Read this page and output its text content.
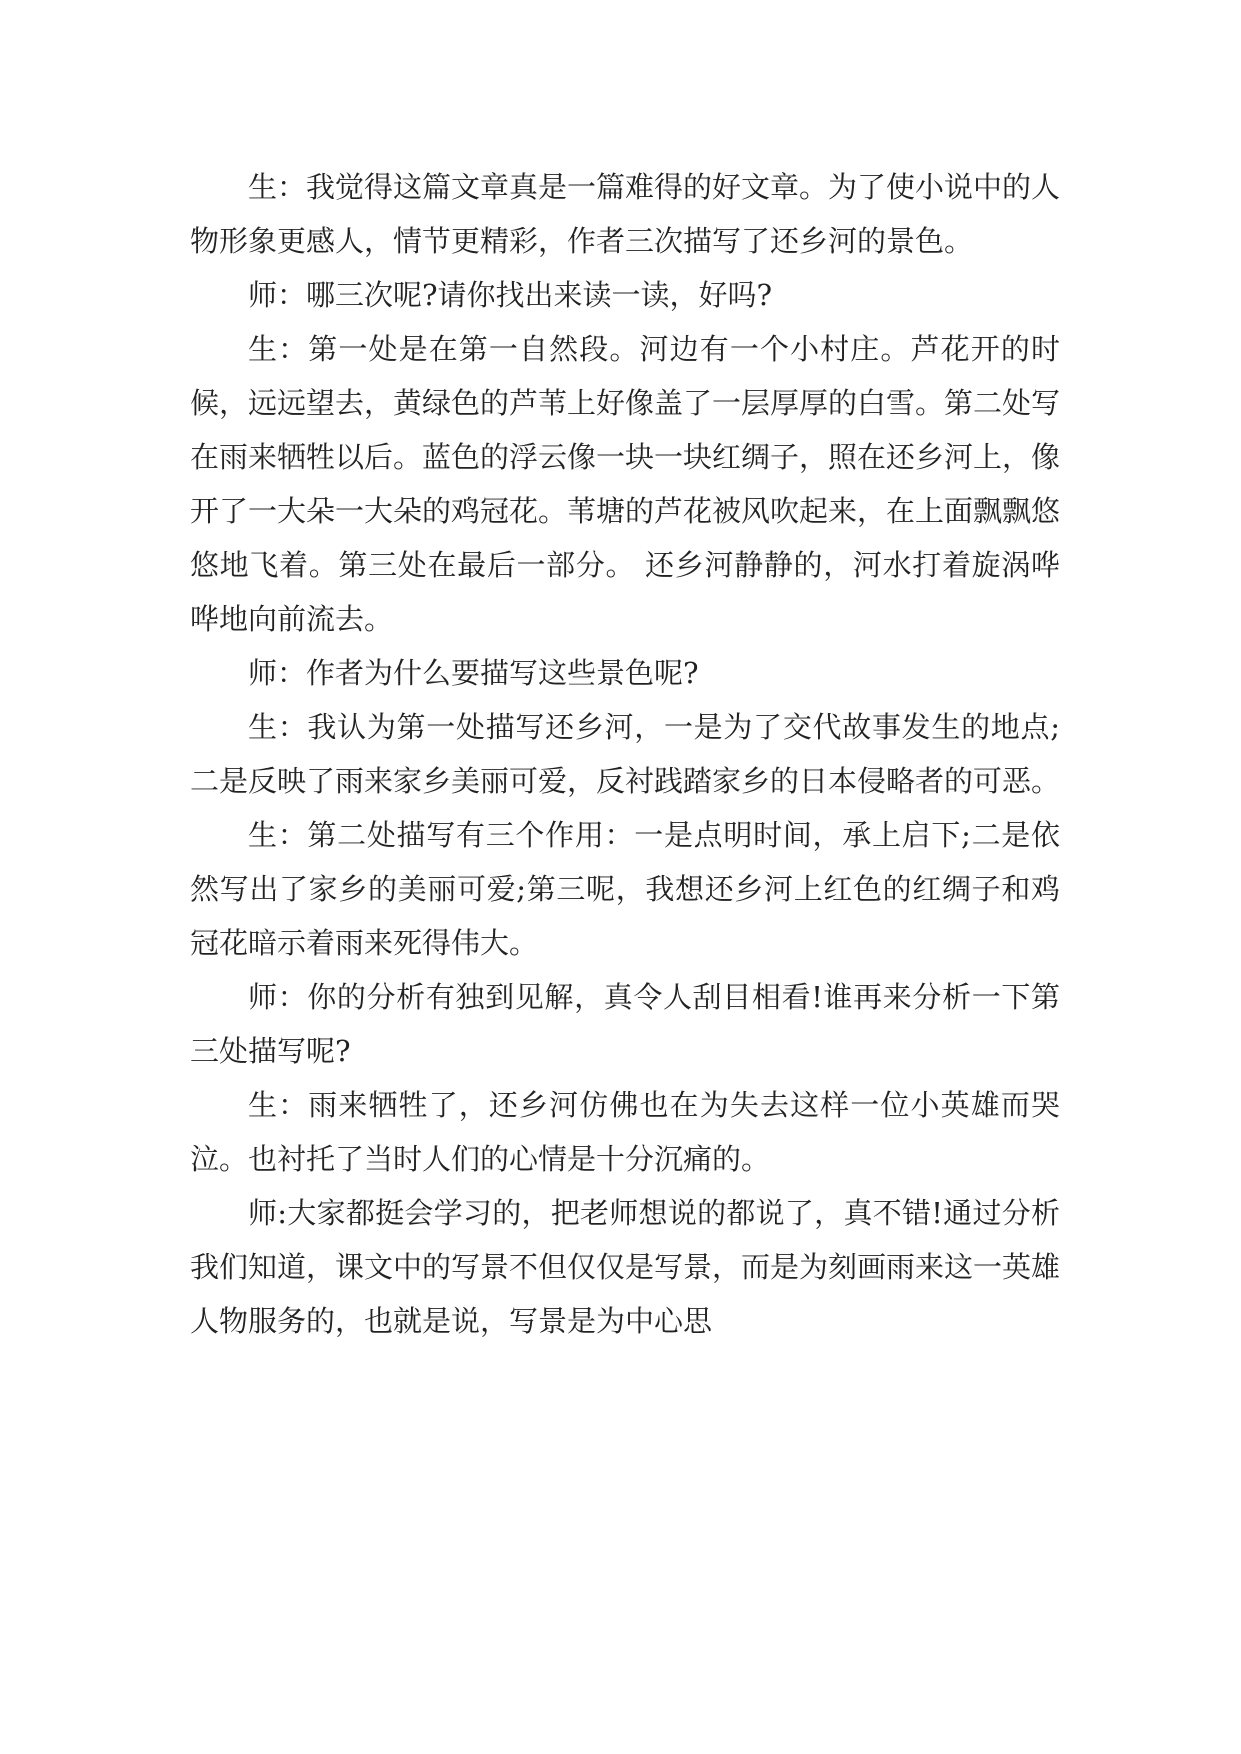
生：我觉得这篇文章真是一篇难得的好文章。为了使小说中的人物形象更感人，情节更精彩，作者三次描写了还乡河的景色。

师：哪三次呢?请你找出来读一读，好吗?

生：第一处是在第一自然段。河边有一个小村庄。芦花开的时候，远远望去，黄绿色的芦苇上好像盖了一层厚厚的白雪。第二处写在雨来牺牲以后。蓝色的浮云像一块一块红绸子，照在还乡河上，像开了一大朵一大朵的鸡冠花。苇塘的芦花被风吹起来，在上面飘飘悠悠地飞着。第三处在最后一部分。 还乡河静静的，河水打着旋涡哗哗地向前流去。

师：作者为什么要描写这些景色呢?

生：我认为第一处描写还乡河，一是为了交代故事发生的地点;二是反映了雨来家乡美丽可爱，反衬践踏家乡的日本侵略者的可恶。

生：第二处描写有三个作用：一是点明时间，承上启下;二是依然写出了家乡的美丽可爱;第三呢，我想还乡河上红色的红绸子和鸡冠花暗示着雨来死得伟大。

师：你的分析有独到见解，真令人刮目相看!谁再来分析一下第三处描写呢?

生：雨来牺牲了，还乡河仿佛也在为失去这样一位小英雄而哭泣。也衬托了当时人们的心情是十分沉痛的。

师:大家都挺会学习的，把老师想说的都说了，真不错!通过分析我们知道，课文中的写景不但仅仅是写景，而是为刻画雨来这一英雄人物服务的，也就是说，写景是为中心思
